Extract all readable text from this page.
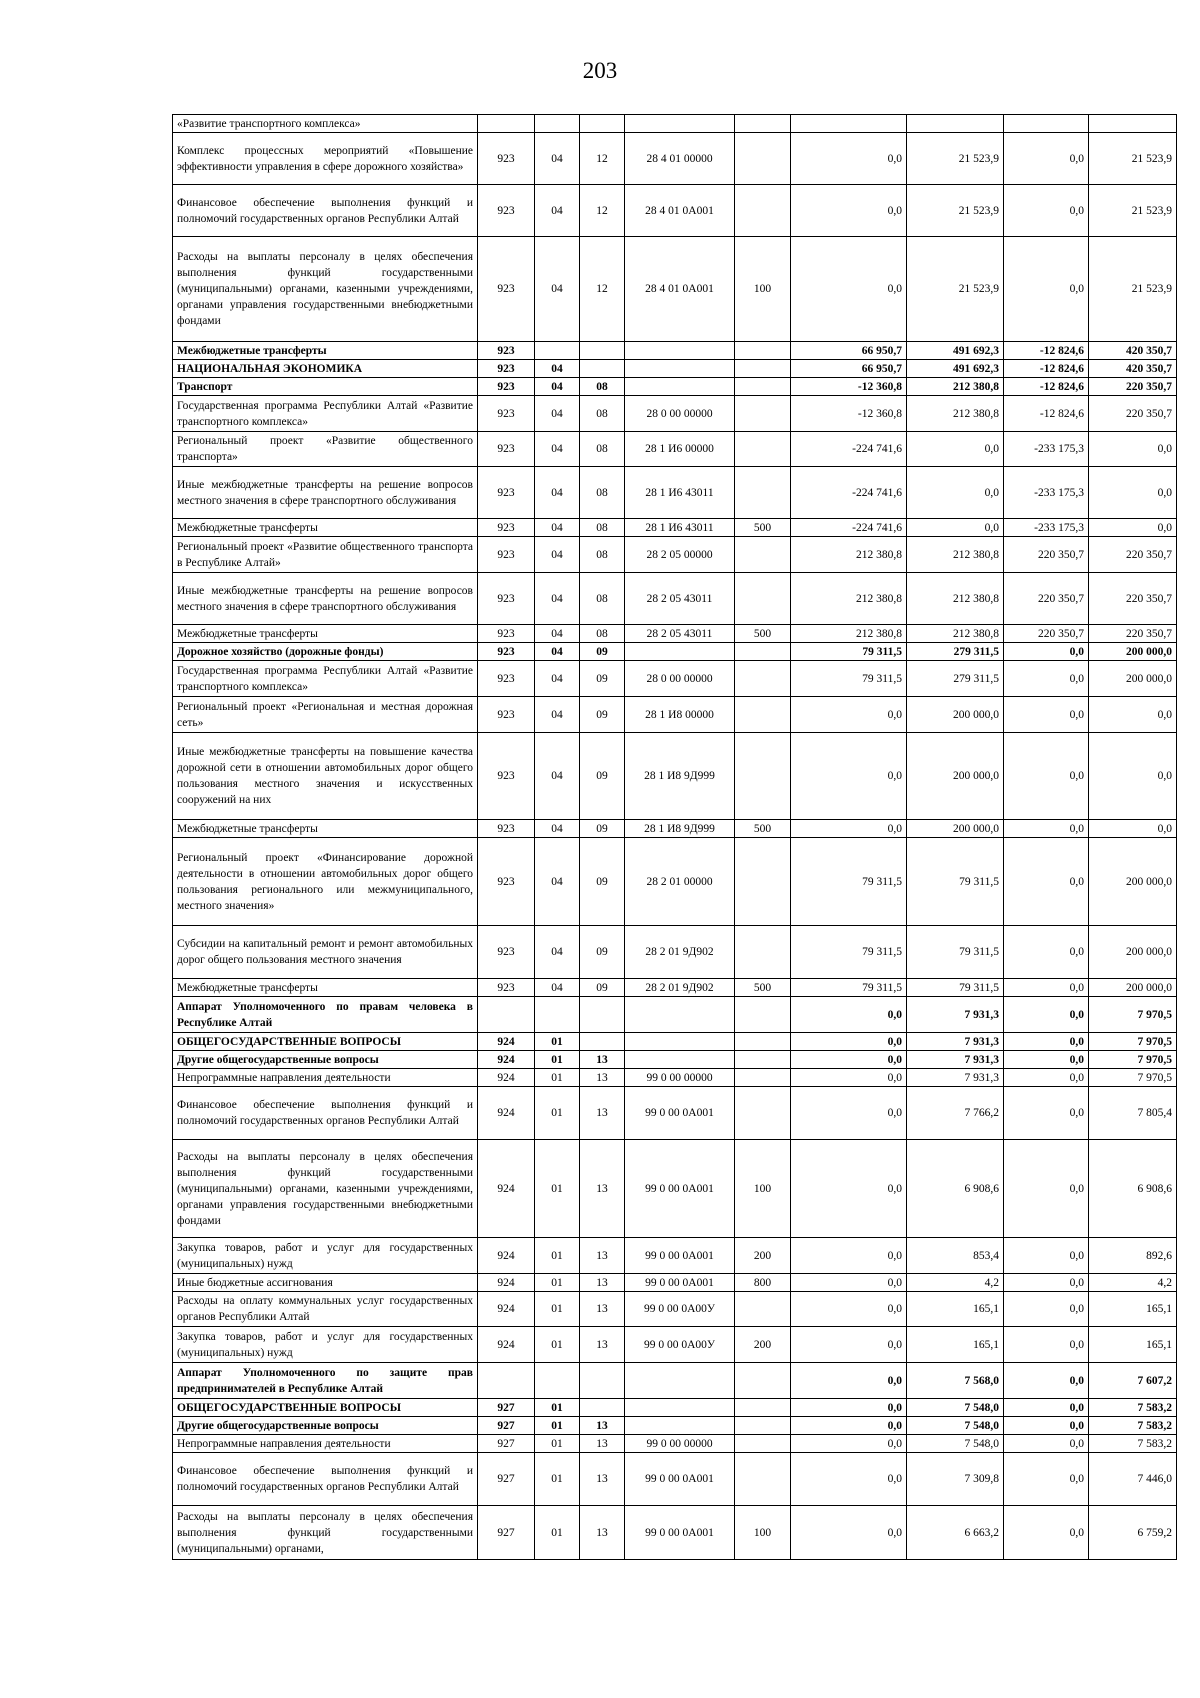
203
«Развитие транспортного комплекса»									
Комплекс процессных мероприятий «Повышение эффективности управления в сфере дорожного хозяйства»	923	04	12	28 4 01 00000		0,0	21 523,9	0,0	21 523,9
Финансовое обеспечение выполнения функций и полномочий государственных органов Республики Алтай	923	04	12	28 4 01 0А001		0,0	21 523,9	0,0	21 523,9
Расходы на выплаты персоналу в целях обеспечения выполнения функций государственными (муниципальными) органами, казенными учреждениями, органами управления государственными внебюджетными фондами	923	04	12	28 4 01 0А001	100	0,0	21 523,9	0,0	21 523,9
Межбюджетные трансферты	923					66 950,7	491 692,3	-12 824,6	420 350,7
НАЦИОНАЛЬНАЯ ЭКОНОМИКА	923	04				66 950,7	491 692,3	-12 824,6	420 350,7
Транспорт	923	04	08			-12 360,8	212 380,8	-12 824,6	220 350,7
Государственная программа Республики Алтай «Развитие транспортного комплекса»	923	04	08	28 0 00 00000		-12 360,8	212 380,8	-12 824,6	220 350,7
Региональный проект «Развитие общественного транспорта»	923	04	08	28 1 И6 00000		-224 741,6	0,0	-233 175,3	0,0
Иные межбюджетные трансферты на решение вопросов местного значения в сфере транспортного обслуживания	923	04	08	28 1 И6 43011		-224 741,6	0,0	-233 175,3	0,0
Межбюджетные трансферты	923	04	08	28 1 И6 43011	500	-224 741,6	0,0	-233 175,3	0,0
Региональный проект «Развитие общественного транспорта в Республике Алтай»	923	04	08	28 2 05 00000		212 380,8	212 380,8	220 350,7	220 350,7
Иные межбюджетные трансферты на решение вопросов местного значения в сфере транспортного обслуживания	923	04	08	28 2 05 43011		212 380,8	212 380,8	220 350,7	220 350,7
Межбюджетные трансферты	923	04	08	28 2 05 43011	500	212 380,8	212 380,8	220 350,7	220 350,7
Дорожное хозяйство (дорожные фонды)	923	04	09			79 311,5	279 311,5	0,0	200 000,0
Государственная программа Республики Алтай «Развитие транспортного комплекса»	923	04	09	28 0 00 00000		79 311,5	279 311,5	0,0	200 000,0
Региональный проект «Региональная и местная дорожная сеть»	923	04	09	28 1 И8 00000		0,0	200 000,0	0,0	0,0
Иные межбюджетные трансферты на повышение качества дорожной сети в отношении автомобильных дорог общего пользования местного значения и искусственных сооружений на них	923	04	09	28 1 И8 9Д999		0,0	200 000,0	0,0	0,0
Межбюджетные трансферты	923	04	09	28 1 И8 9Д999	500	0,0	200 000,0	0,0	0,0
Региональный проект «Финансирование дорожной деятельности в отношении автомобильных дорог общего пользования регионального или межмуниципального, местного значения»	923	04	09	28 2 01 00000		79 311,5	79 311,5	0,0	200 000,0
Субсидии на капитальный ремонт и ремонт автомобильных дорог общего пользования местного значения	923	04	09	28 2 01 9Д902		79 311,5	79 311,5	0,0	200 000,0
Межбюджетные трансферты	923	04	09	28 2 01 9Д902	500	79 311,5	79 311,5	0,0	200 000,0
Аппарат Уполномоченного по правам человека в Республике Алтай						0,0	7 931,3	0,0	7 970,5
ОБЩЕГОСУДАРСТВЕННЫЕ ВОПРОСЫ	924	01				0,0	7 931,3	0,0	7 970,5
Другие общегосударственные вопросы	924	01	13			0,0	7 931,3	0,0	7 970,5
Непрограммные направления деятельности	924	01	13	99 0 00 00000		0,0	7 931,3	0,0	7 970,5
Финансовое обеспечение выполнения функций и полномочий государственных органов Республики Алтай	924	01	13	99 0 00 0А001		0,0	7 766,2	0,0	7 805,4
Расходы на выплаты персоналу в целях обеспечения выполнения функций государственными (муниципальными) органами, казенными учреждениями, органами управления государственными внебюджетными фондами	924	01	13	99 0 00 0А001	100	0,0	6 908,6	0,0	6 908,6
Закупка товаров, работ и услуг для государственных (муниципальных) нужд	924	01	13	99 0 00 0А001	200	0,0	853,4	0,0	892,6
Иные бюджетные ассигнования	924	01	13	99 0 00 0А001	800	0,0	4,2	0,0	4,2
Расходы на оплату коммунальных услуг государственных органов Республики Алтай	924	01	13	99 0 00 0А00У		0,0	165,1	0,0	165,1
Закупка товаров, работ и услуг для государственных (муниципальных) нужд	924	01	13	99 0 00 0А00У	200	0,0	165,1	0,0	165,1
Аппарат Уполномоченного по защите прав предпринимателей в Республике Алтай						0,0	7 568,0	0,0	7 607,2
ОБЩЕГОСУДАРСТВЕННЫЕ ВОПРОСЫ	927	01				0,0	7 548,0	0,0	7 583,2
Другие общегосударственные вопросы	927	01	13			0,0	7 548,0	0,0	7 583,2
Непрограммные направления деятельности	927	01	13	99 0 00 00000		0,0	7 548,0	0,0	7 583,2
Финансовое обеспечение выполнения функций и полномочий государственных органов Республики Алтай	927	01	13	99 0 00 0А001		0,0	7 309,8	0,0	7 446,0
Расходы на выплаты персоналу в целях обеспечения выполнения функций государственными (муниципальными) органами,	927	01	13	99 0 00 0А001	100	0,0	6 663,2	0,0	6 759,2
